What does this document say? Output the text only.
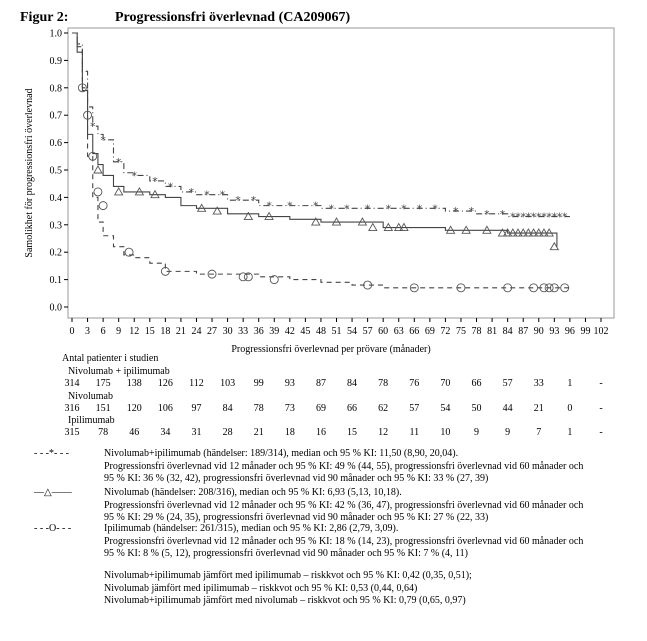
Figur 2:	Progressionsfri överlevnad (CA209067)
0.0
0.1
0.2
0.3
0.4
0.5
0.6
0.7
0.8
0.9
1.0
0 3 6 9 12 15 18 21 24 27 30 33 36 39 42 45 48 51 54 57 60 63 66 69 72 75 78 81 84 87 90 93 96 99 102
*
*
*
* * * * * * * * * * * * * * * * * * * * * * * * * * * * * * * * *
Samolikhet för progressionsfri överlevnad
Progressionsfri överlevnad per prövare (månader)
Antal patienter i studien
Nivolumab + ipilimumab
314 175 138 126 112 103 99 93 87 84 78 76 70 66 57 33 1	-
Nivolumab
316 151 120 106 97 84 78 73 69 66 62 57 54 50 44 21 0	-
Ipilimumab
315 78 46 34 31 28 21 18 16 15 12 11 10 9	9	7	1	-
- - -*- - -	Nivolumab+ipilimumab (händelser: 189/314), median och 95 % KI: 11,50 (8,90, 20,04).
Progressionsfri överlevnad vid 12 månader och 95 % KI: 49 % (44, 55), progressionsfri överlevnad vid 60 månader och
95 % KI: 36 % (32, 42), progressionsfri överlevnad vid 90 månader och 95 % KI: 33 % (27, 39)
—△——	Nivolumab (händelser: 208/316), median och 95 % KI: 6,93 (5,13, 10,18).
Progressionsfri överlevnad vid 12 månader och 95 % KI: 42 % (36, 47), progressionsfri överlevnad vid 60 månader och
95 % KI: 29 % (24, 35), progressionsfri överlevnad vid 90 månader och 95 % KI: 27 % (22, 33)
- - -O- - -	Ipilimumab (händelser: 261/315), median och 95 % KI: 2,86 (2,79, 3,09).
Progressionsfri överlevnad vid 12 månader och 95 % KI: 18 % (14, 23), progressionsfri överlevnad vid 60 månader och
95 % KI: 8 % (5, 12), progressionsfri överlevnad vid 90 månader och 95 % KI: 7 % (4, 11)
Nivolumab+ipilimumab jämfört med ipilimumab – riskkvot och 95 % KI: 0,42 (0,35, 0,51);
Nivolumab jämfört med ipilimumab – riskkvot och 95 % KI: 0,53 (0,44, 0,64)
Nivolumab+ipilimumab jämfört med nivolumab – riskkvot och 95 % KI: 0,79 (0,65, 0,97)
